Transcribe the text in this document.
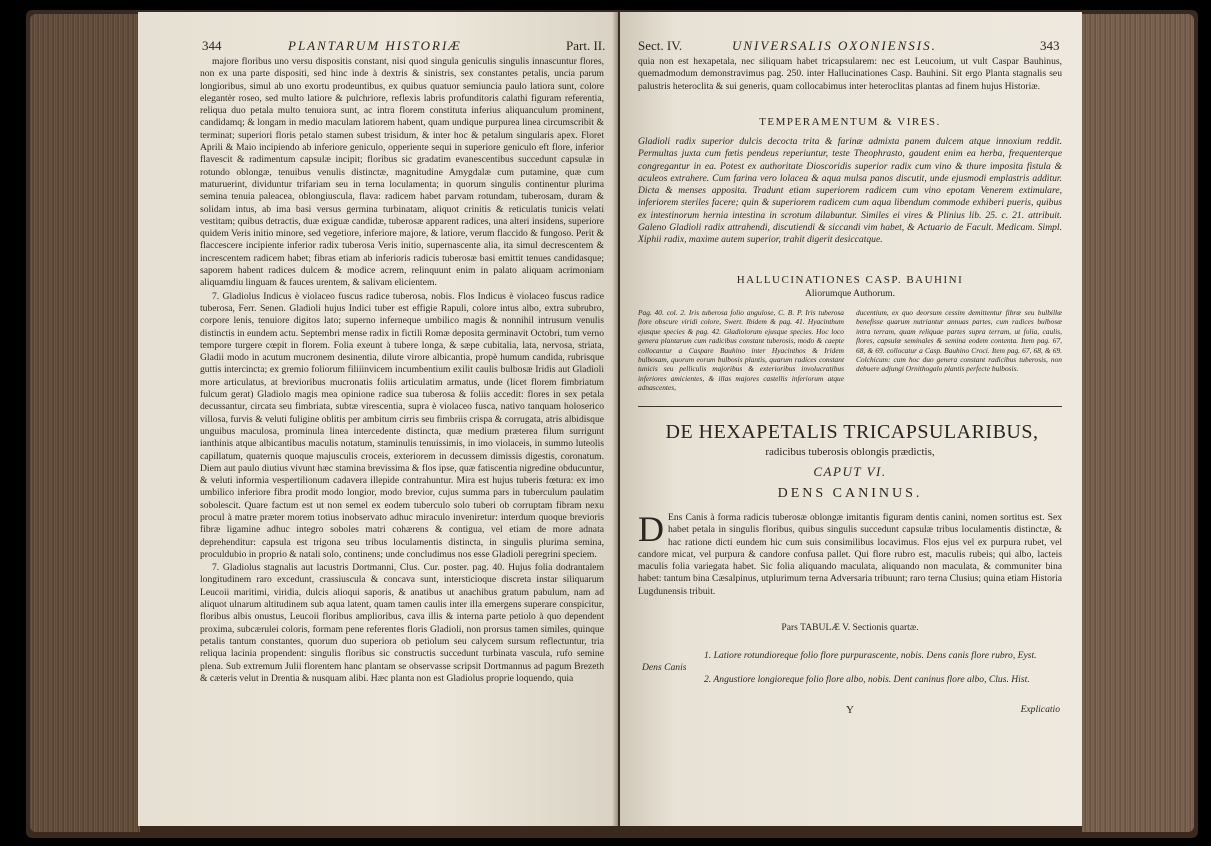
344	PLANTARUM HISTORIÆ	Part. II.

majore floribus uno versu dispositis constant, nisi quod singula geniculis singulis innascuntur flores, non ex una parte dispositi, sed hinc inde à dextris & sinistris, sex constantes petalis, uncia parum longioribus, simul ab uno exortu prodeuntibus, ex quibus quatuor semiuncia paulo latiora sunt, colore elegantèr roseo, sed multo latiore & pulchriore, reflexis labris profunditoris calathi figuram referentia, reliqua duo petala multo tenuiora sunt, ac intra florem constituta inferius aliquanculum prominent, candidamq; & longam in medio maculam latiorem habent, quam undique purpurea linea circumscribit & terminat; superiori floris petalo stamen subest trisidum, & inter hoc & petalum singularis apex. Floret Aprili & Maio incipiendo ab inferiore geniculo, opperiente sequi in superiore geniculo eft flore, inferior flavescit & radimentum capsulæ incipit; floribus sic gradatim evanescentibus succedunt capsulæ in rotundo oblongæ, tenuibus venulis distinctæ, magnitudine Amygdalæ cum putamine, quæ cum maturuerint, dividuntur trifariam seu in terna loculamenta; in quorum singulis continentur plurima semina tenuia paleacea, oblongiuscula, flava: radicem habet parvam rotundam, tuberosam, duram & solidam intus, ab ima basi versus germina turbinatam, aliquot crinitis & reticulatis tunicis velati vestitam; quibus detractis, duæ exiguæ candidæ, tuberosæ apparent radices, una alteri insidens, superiore quidem Veris initio minore, sed vegetiore, inferiore majore, & latiore, verum flaccido & fungoso. Perit & flaccescere incipiente inferior radix tuberosa Veris initio, supernascente alia, ita simul decrescentem & increscentem radicem habet; fibras etiam ab inferioris radicis tuberosæ basi emittit tenues candidasque; saporem habent radices dulcem & modice acrem, relinquunt enim in palato aliquam acrimoniam aliquamdiu linguam & fauces urentem, & salivam elicientem.

7. Gladiolus Indicus è violaceo fuscus radice tuberosa, nobis. Flos Indicus è violaceo fuscus radice tuberosa, Ferr. Senen. Gladioli hujus Indici tuber est effigie Rapuli, colore intus albo, extra subrubro, corpore lenis, tenuiore digitos lato; superno inferneque umbilico magis & nonnihil intrusum venulis distinctis in eundem actu. Septembri mense radix in fictili Romæ deposita germinavit Octobri, tum verno tempore turgere cœpit in florem. Folia exeunt à tubere longa, & sæpe cubitalia, lata, nervosa, striata, Gladii modo in acutum mucronem desinentia, dilute virore albicantia, propè humum candida, rubrisque guttis intercincta; ex gremio foliorum filiiinvicem incumbentium exilit caulis bulbosæ Iridis aut Gladioli more articulatus, at brevioribus mucronatis foliis articulatim armatus, unde (licet florem fimbriatum fulcum gerat) Gladiolo magis mea opinione radice sua tuberosa & foliis accedit: flores in sex petala decussantur, circata seu fimbriata, subtæ virescentia, supra è violaceo fusca, nativo tanquam holoserico villosa, furvis & veluti fuligine oblitis per ambitum cirris seu fimbriis crispa & corrugata, atris albidisque unguibus maculosa, prominula linea intercedente distincta, quæ medium præterea filum surrigunt ianthinis atque albicantibus maculis notatum, staminulis tenuissimis, in imo violaceis, in summo luteolis capillatum, quaternis quoque majusculis croceis, exteriorem in decussem dimissis digestis, coronatum. Diem aut paulo diutius vivunt hæc stamina brevissima & flos ipse, quæ fatiscentia nigredine obducuntur, & veluti informia vespertilionum cadavera illepide contrahuntur. Mira est hujus tuberis fœtura: ex imo umbilico inferiore fibra prodit modo longior, modo brevior, cujus summa pars in tuberculum paulatim sobolescit. Quare factum est ut non semel ex eodem tuberculo solo tuberi ob corruptam fibram nexu procul à matre præter morem totius inobservato adhuc miraculo inveniretur: interdum quoque brevioris fibræ ligamine adhuc integro soboles matri cohærens & contigua, vel etiam de more adnata deprehenditur: capsula est trigona seu tribus loculamentis distincta, in singulis plurima semina, proculdubio in proprio & natali solo, continens; unde concludimus nos esse Gladioli peregrini speciem.

7. Gladiolus stagnalis aut lacustris Dortmanni, Clus. Cur. poster. pag. 40. Hujus folia dodrantalem longitudinem raro excedunt, crassiuscula & concava sunt, intersticioque discreta instar siliquarum Leucoii maritimi, viridia, dulcis alioqui saporis, & anatibus ut anachibus gratum pabulum, nam ad aliquot ulnarum altitudinem sub aqua latent, quam tamen caulis inter illa emergens superare conspicitur, floribus albis onustus, Leucoii floribus amplioribus, cava illis & interna parte petiolo à quo dependent proxima, subcærulei coloris, formam pene referentes floris Gladioli, non prorsus tamen similes, quinque petalis tantum constantes, quorum duo superiora ob petiolum seu calycem sursum reflectuntur, tria reliqua lacinia propendent: singulis floribus sic constructis succedunt turbinata vascula, rufo semine plena. Sub extremum Julii florentem hanc plantam se observasse scripsit Dortmannus ad pagum Brezeth & cæteris velut in Drentia & nusquam alibi. Hæc planta non est Gladiolus proprie loquendo, quia

Sect. IV.	UNIVERSALIS OXONIENSIS.	343
quia non est hexapetala, nec siliquam habet tricapsularem: nec est Leucoium, ut vult Caspar Bauhinus, quemadmodum demonstravimus pag. 250. inter Hallucinationes Casp. Bauhini. Sit ergo Planta stagnalis seu palustris heteroclita & sui generis, quam collocabimus inter heteroclitas plantas ad finem hujus Historiæ.
TEMPERAMENTUM & VIRES.
Gladioli radix superior dulcis decocta trita & farinæ admixta panem dulcem atque innoxium reddit. Permultas juxta cum fœtis pendeus reperiuntur, teste Theophrasto, gaudent enim ea herba, frequenterque congregantur in ea. Potest ex authoritate Dioscoridis superior radix cum vino & thure imposita fistula & aculeos extrahere. Cum farina vero lolacea & aqua mulsa panos discutit, unde ejusmodi emplastris additur. Dicta & menses apposita. Tradunt etiam superiorem radicem cum vino epotam Venerem extimulare, inferiorem steriles facere; quin & superiorem radicem cum aqua libendum commode exhiberi pueris, quibus ex intestinorum hernia intestina in scrotum dilabuntur. Similes ei vires & Plinius lib. 25. c. 21. attribuit. Galeno Gladioli radix attrahendi, discutiendi & siccandi vim habet, & Actuario de Facult. Medicam. Simpl. Xiphii radix, maxime autem superior, trahit digerit desiccatque.
HALLUCINATIONES CASP. BAUHINI
Aliorumque Authorum.
Pag. 40. col. 2. Iris tuberosa folio angulose, C. B. P. Iris tuberosa flore obscure viridi colore, Swert. Ibidem & pag. 41. Hyacinthum ejusque species & pag. 42. Gladiolorum ejusque species. Hoc loco genera plantarum cum radicibus constant tuberosis, modo & caepte collocantur a Caspare Bauhino inter Hyacinthos & Iridem bulbosam, quorum eorum bulbosis plantis, quarum radices constant tunicis seu pelliculis majoribus & exterioribus involucratibus inferiores amicientes, & illas majores castellis inferiorum atque adnascentes,
ducentium, ex quo deorsum cessim demittentur fibræ seu bulbillæ benefisse quarum nutriantur annuas partes, cum radices bulbosæ intra terram, quam reliquae partes supra terram, ut folia, caulis, flores, capsulæ seminales & semina eodem contenta. Item pag. 67, 68, & 69. collocatur a Casp. Bauhino Croci. Item pag. 67, 68, & 69. Colchicum: cum hoc duo genera constant radicibus tuberosis, non debuere adjungi Ornithogalo plantis perfecte bulbosis.
DE HEXAPETALIS TRICAPSULARIBUS,
radicibus tuberosis oblongis prædictis,
CAPUT VI.
DENS CANINUS.
D Ens Canis à forma radicis tuberosæ oblongæ imitantis figuram dentis canini, nomen sortitus est. Sex habet petala in singulis floribus, quibus singulis succedunt capsulæ tribus loculamentis distinctæ, & hac ratione dicti eundem hic cum suis consimilibus locavimus. Flos ejus vel ex purpura rubet, vel candore micat, vel purpura & candore confusa pallet. Qui flore rubro est, maculis rubeis; qui albo, lacteis maculis folia variegata habet. Sic folia aliquando maculata, aliquando non maculata, & communiter bina habet: tantum bina Cæsalpinus, utplurimum terna Adversaria tribuunt; raro terna Clusius; quina etiam Historia Lugdunensis tribuit.
Pars TABULÆ V. Sectionis quartæ.
Dens Canis
1. Latiore rotundioreque folio flore purpurascente, nobis. Dens canis flore rubro, Eyst.
2. Angustiore longioreque folio flore albo, nobis. Dent caninus flore albo, Clus. Hist.
Y	Explicatio
